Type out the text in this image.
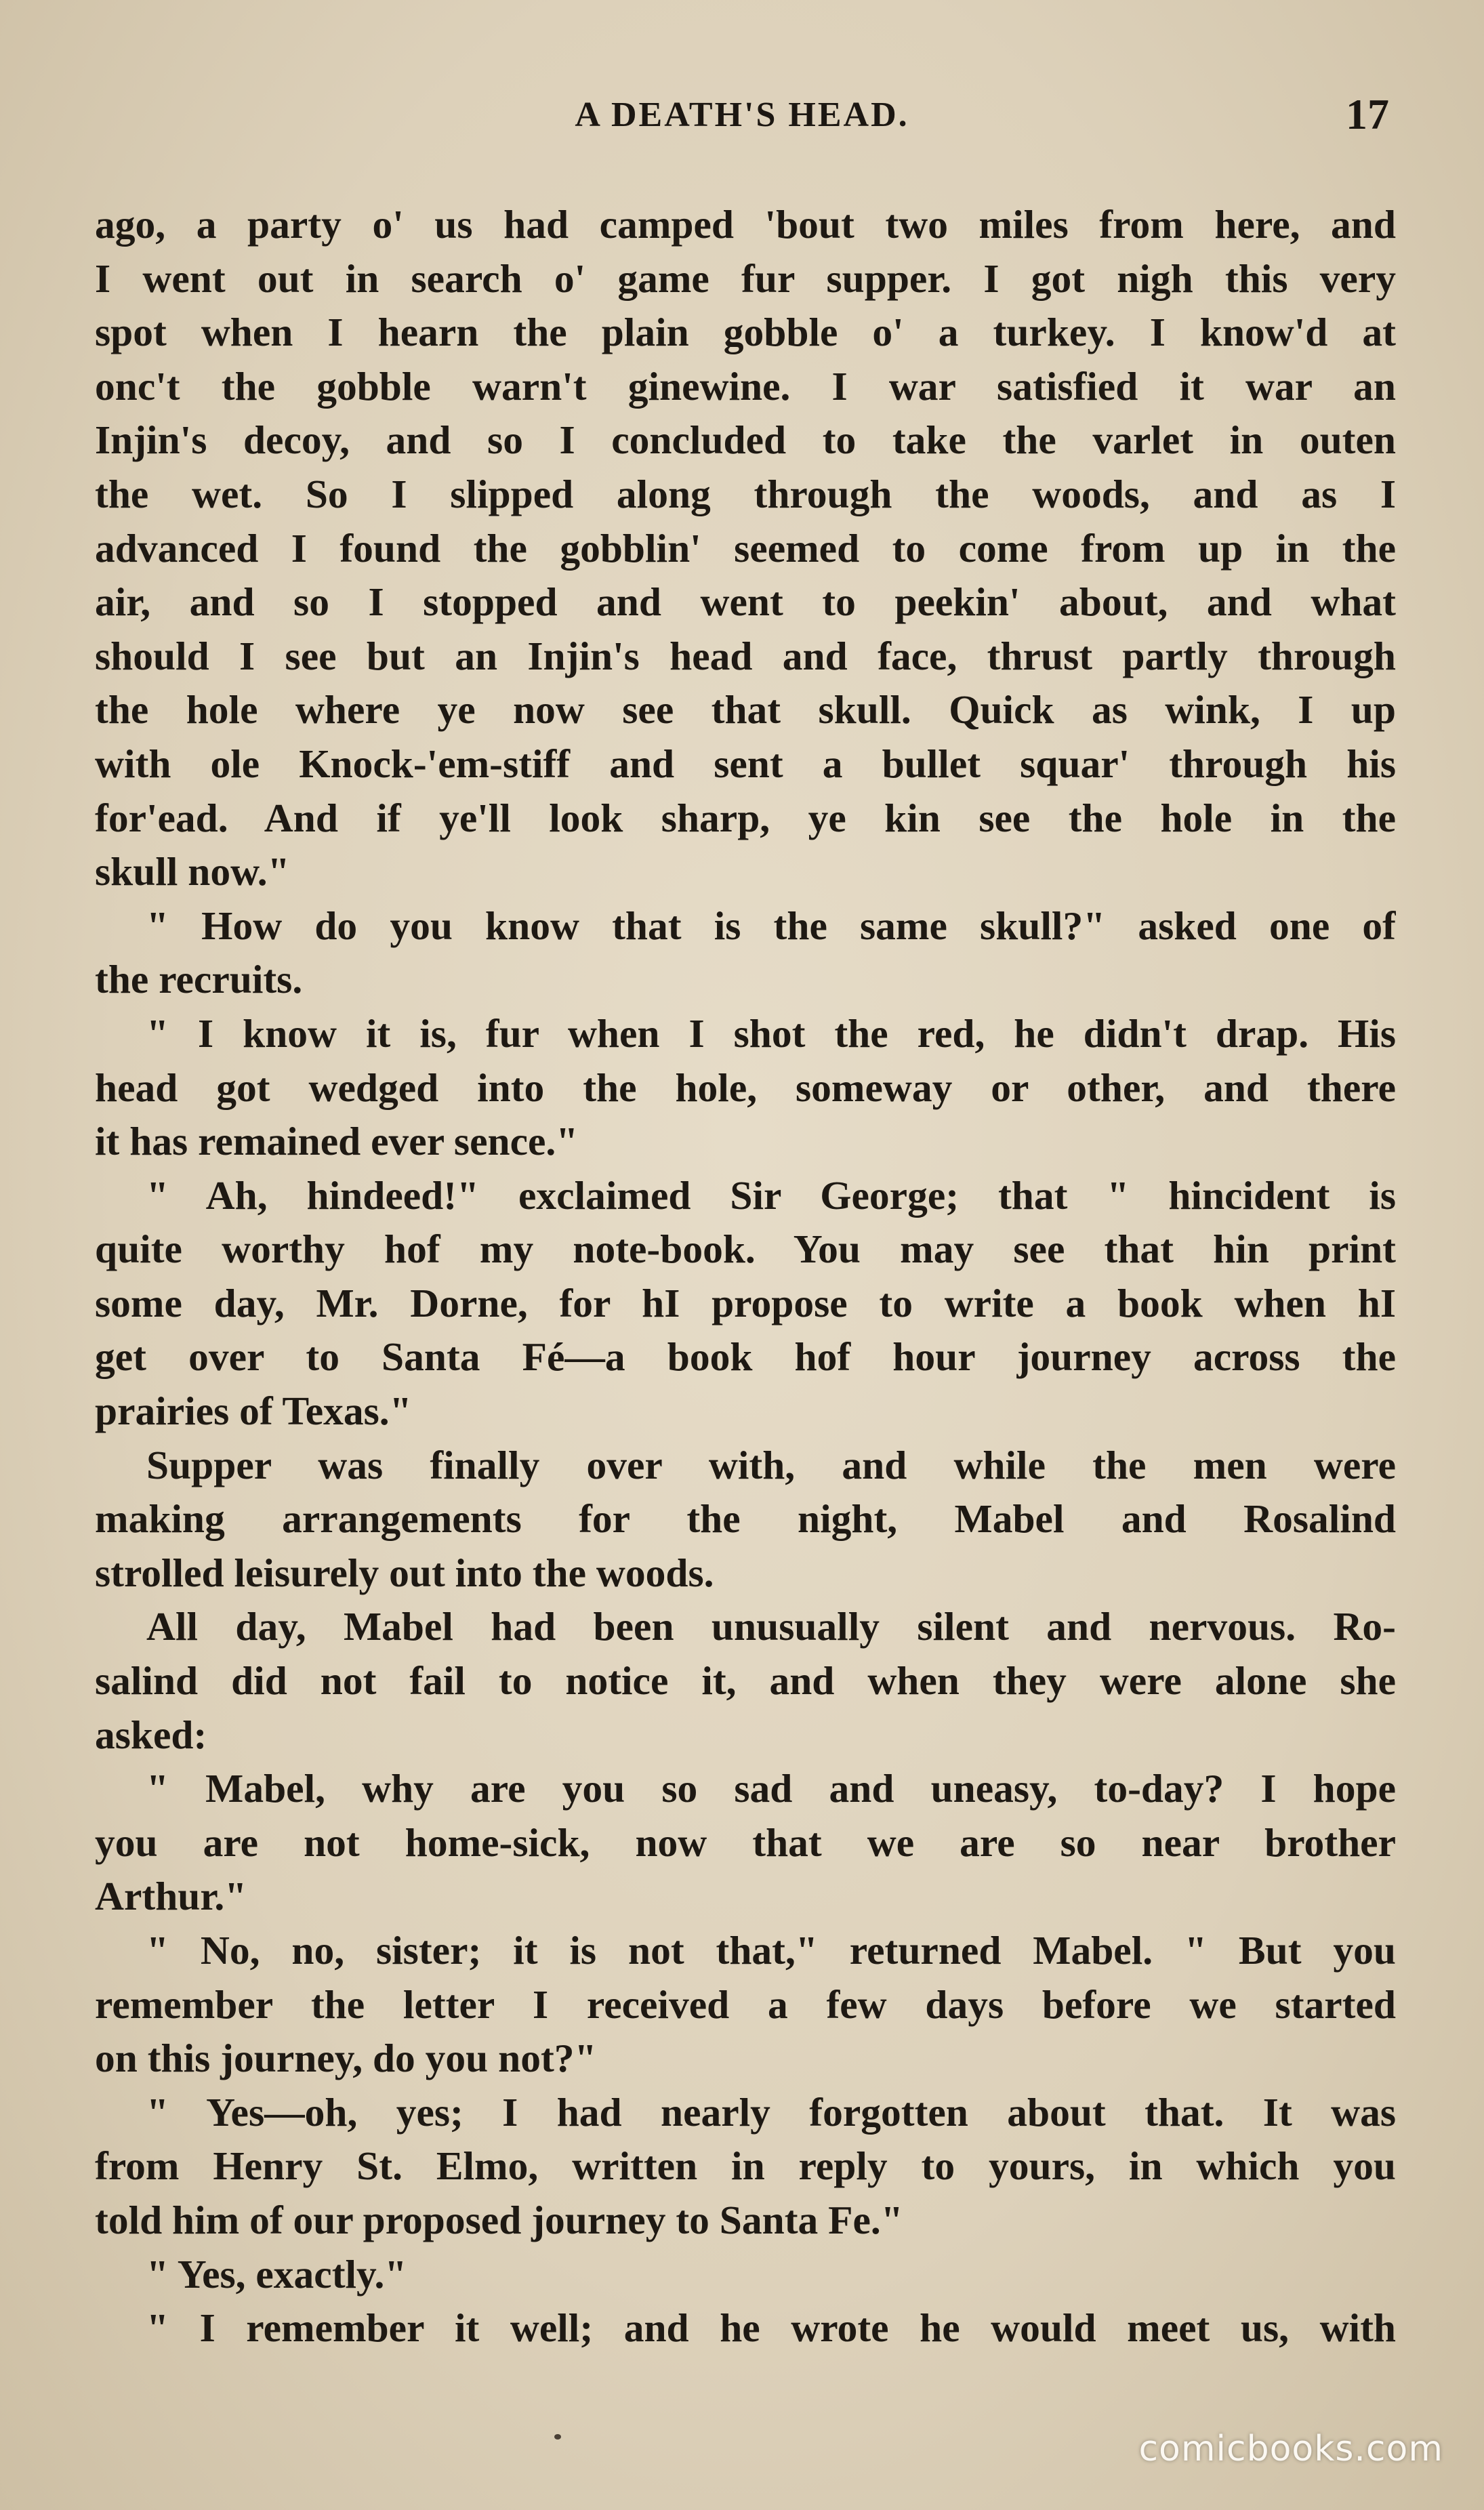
A DEATH'S HEAD.	17
ago, a party o' us had camped 'bout two miles from here, and
I went out in search o' game fur supper. I got nigh this very
spot when I hearn the plain gobble o' a turkey. I know'd at
onc't the gobble warn't ginewine. I war satisfied it war an
Injin's decoy, and so I concluded to take the varlet in outen
the wet. So I slipped along through the woods, and as I
advanced I found the gobblin' seemed to come from up in the
air, and so I stopped and went to peekin' about, and what
should I see but an Injin's head and face, thrust partly through
the hole where ye now see that skull. Quick as wink, I up
with ole Knock-'em-stiff and sent a bullet squar' through his
for'ead. And if ye'll look sharp, ye kin see the hole in the
skull now."
" How do you know that is the same skull?" asked one of
the recruits.
" I know it is, fur when I shot the red, he didn't drap. His
head got wedged into the hole, someway or other, and there
it has remained ever sence."
" Ah, hindeed!" exclaimed Sir George; that " hincident is
quite worthy hof my note-book. You may see that hin print
some day, Mr. Dorne, for hI propose to write a book when hI
get over to Santa Fé—a book hof hour journey across the
prairies of Texas."
Supper was finally over with, and while the men were
making arrangements for the night, Mabel and Rosalind
strolled leisurely out into the woods.
All day, Mabel had been unusually silent and nervous. Ro-
salind did not fail to notice it, and when they were alone she
asked:
" Mabel, why are you so sad and uneasy, to-day? I hope
you are not home-sick, now that we are so near brother
Arthur."
" No, no, sister; it is not that," returned Mabel. " But you
remember the letter I received a few days before we started
on this journey, do you not?"
" Yes—oh, yes; I had nearly forgotten about that. It was
from Henry St. Elmo, written in reply to yours, in which you
told him of our proposed journey to Santa Fe."
" Yes, exactly."
" I remember it well; and he wrote he would meet us, with
comicbooks.com
